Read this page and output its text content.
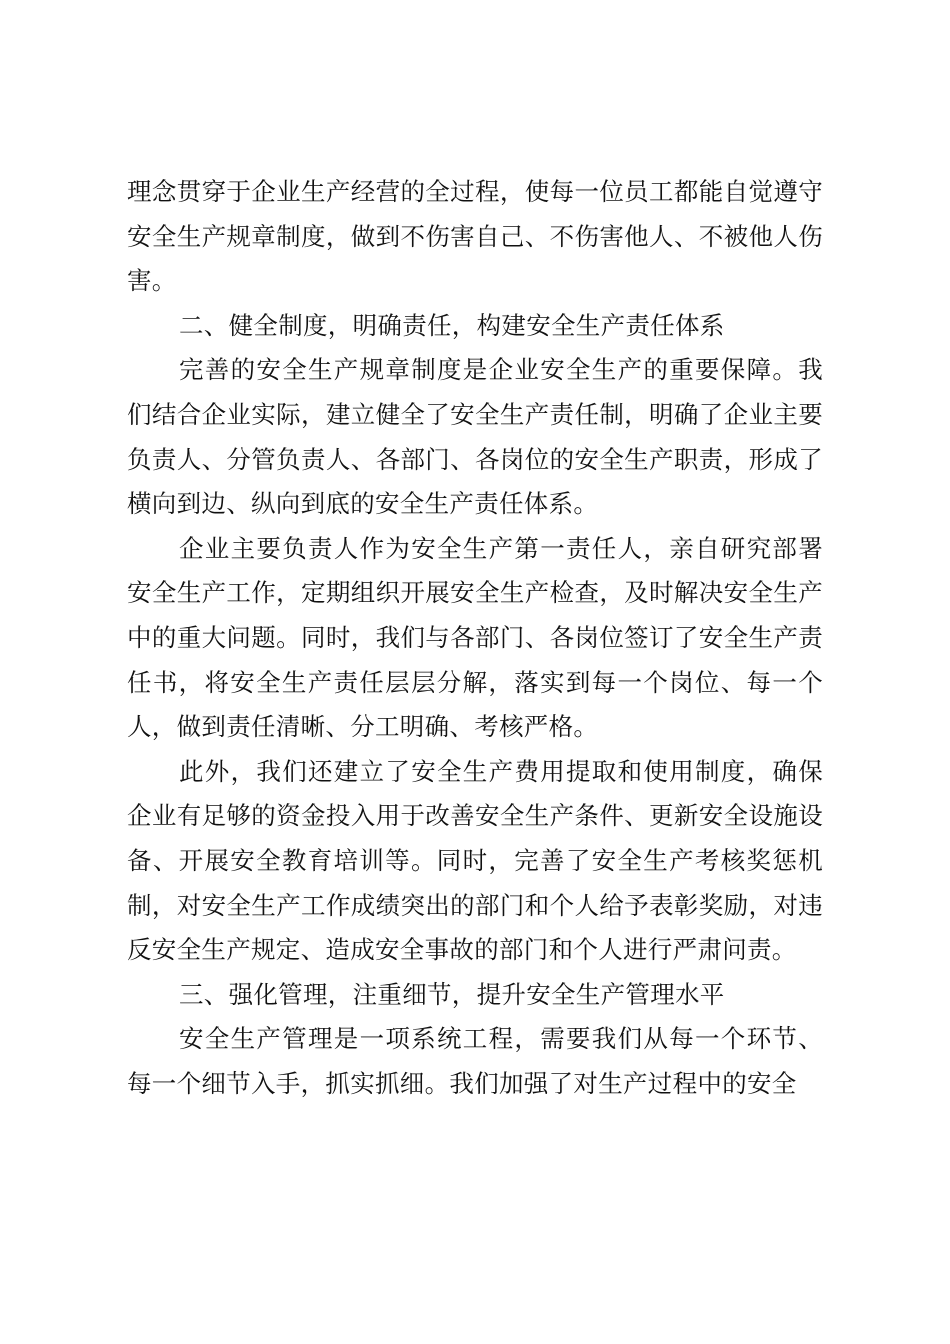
理念贯穿于企业生产经营的全过程，使每一位员工都能自觉遵守安全生产规章制度，做到不伤害自己、不伤害他人、不被他人伤害。

二、健全制度，明确责任，构建安全生产责任体系

完善的安全生产规章制度是企业安全生产的重要保障。我们结合企业实际，建立健全了安全生产责任制，明确了企业主要负责人、分管负责人、各部门、各岗位的安全生产职责，形成了横向到边、纵向到底的安全生产责任体系。

企业主要负责人作为安全生产第一责任人，亲自研究部署安全生产工作，定期组织开展安全生产检查，及时解决安全生产中的重大问题。同时，我们与各部门、各岗位签订了安全生产责任书，将安全生产责任层层分解，落实到每一个岗位、每一个人，做到责任清晰、分工明确、考核严格。

此外，我们还建立了安全生产费用提取和使用制度，确保企业有足够的资金投入用于改善安全生产条件、更新安全设施设备、开展安全教育培训等。同时，完善了安全生产考核奖惩机制，对安全生产工作成绩突出的部门和个人给予表彰奖励，对违反安全生产规定、造成安全事故的部门和个人进行严肃问责。

三、强化管理，注重细节，提升安全生产管理水平

安全生产管理是一项系统工程，需要我们从每一个环节、每一个细节入手，抓实抓细。我们加强了对生产过程中的安全
